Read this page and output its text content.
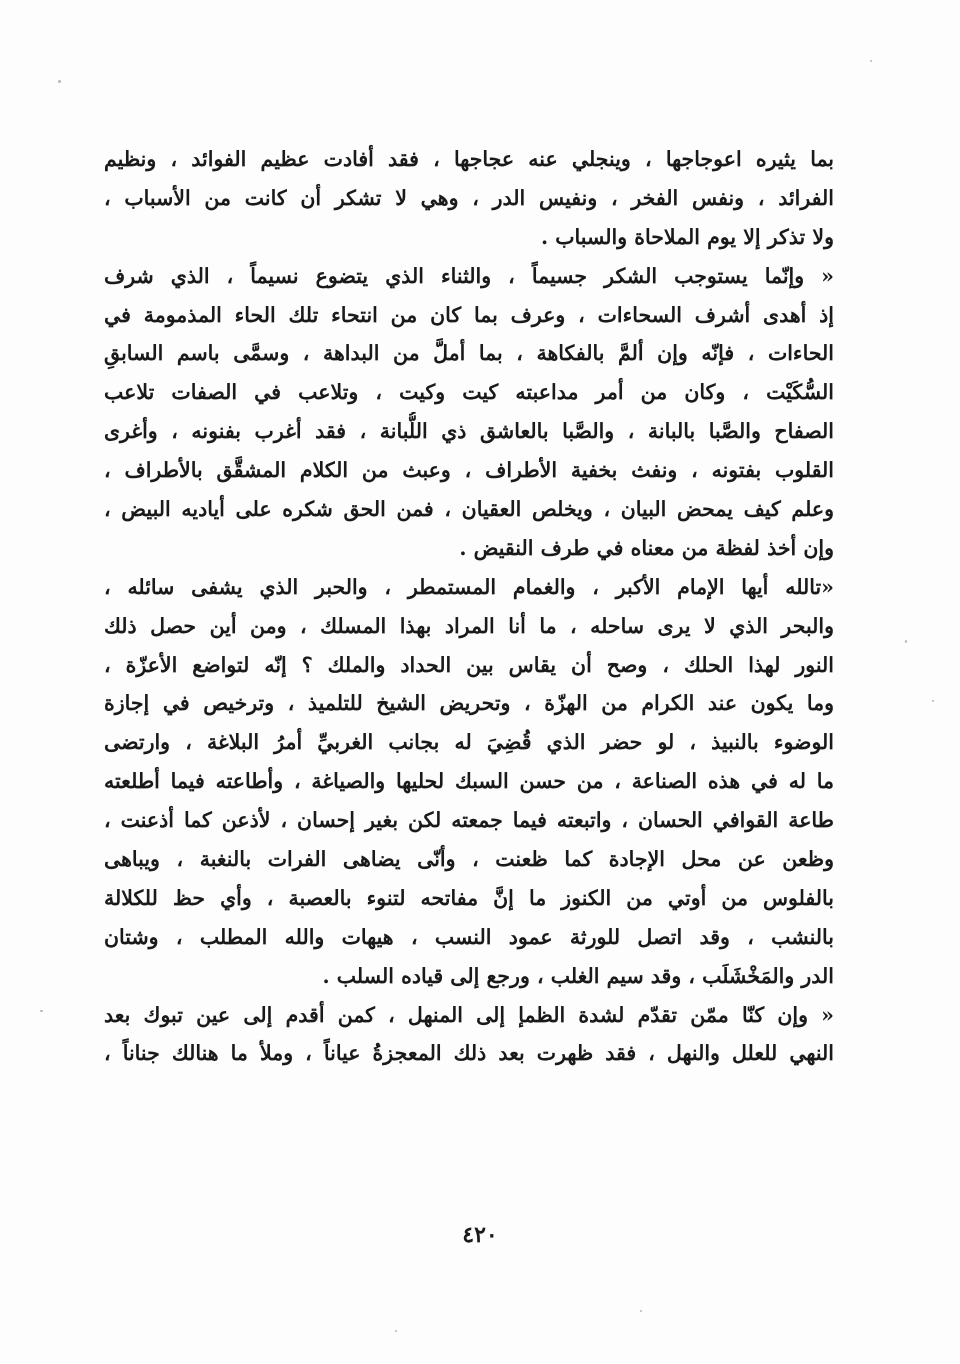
بما يثيره اعوجاجها ، وينجلي عنه عجاجها ، فقد أفادت عظيم الفوائد ، ونظيم
الفرائد ، ونفس الفخر ، ونفيس الدر ، وهي لا تشكر أن كانت من الأسباب ،
ولا تذكر إلا يوم الملاحاة والسباب .
« وإنّما يستوجب الشكر جسيماً ، والثناء الذي يتضوع نسيماً ، الذي شرف
إذ أهدى أشرف السحاءات ، وعرف بما كان من انتحاء تلك الحاء المذمومة في
الحاءات ، فإنّه وإن ألمَّ بالفكاهة ، بما أملَّ من البداهة ، وسمَّى باسم السابقِ
السُّكَيْت ، وكان من أمر مداعبته كيت وكيت ، وتلاعب في الصفات تلاعب
الصفاح والصَّبا بالبانة ، والصَّبا بالعاشق ذي اللُّبانة ، فقد أغرب بفنونه ، وأغرى
القلوب بفتونه ، ونفث بخفية الأطراف ، وعبث من الكلام المشقَّق بالأطراف ،
وعلم كيف يمحض البيان ، ويخلص العقيان ، فمن الحق شكره على أياديه البيض ،
وإن أخذ لفظة من معناه في طرف النقيض .
«تالله أيها الإمام الأكبر ، والغمام المستمطر ، والحبر الذي يشفى سائله ،
والبحر الذي لا يرى ساحله ، ما أنا المراد بهذا المسلك ، ومن أين حصل ذلك
النور لهذا الحلك ، وصح أن يقاس بين الحداد والملك ؟ إنّه لتواضع الأعزّة ،
وما يكون عند الكرام من الهزّة ، وتحريض الشيخ للتلميذ ، وترخيص في إجازة
الوضوء بالنبيذ ، لو حضر الذي قُضِيَ له بجانب الغربيِّ أمرُ البلاغة ، وارتضى
ما له في هذه الصناعة ، من حسن السبك لحليها والصياغة ، وأطاعته فيما أطلعته
طاعة القوافي الحسان ، واتبعته فيما جمعته لكن بغير إحسان ، لأذعن كما أذعنت ،
وظعن عن محل الإجادة كما ظعنت ، وأنّى يضاهى الفرات بالنغبة ، ويباهى
بالفلوس من أوتي من الكنوز ما إنَّ مفاتحه لتنوء بالعصبة ، وأي حظ للكلالة
بالنشب ، وقد اتصل للورثة عمود النسب ، هيهات والله المطلب ، وشتان
الدر والمَخْشَلَب ، وقد سيم الغلب ، ورجع إلى قياده السلب .
« وإن كنّا ممّن تقدّم لشدة الظمإ إلى المنهل ، كمن أقدم إلى عين تبوك بعد
النهي للعلل والنهل ، فقد ظهرت بعد ذلك المعجزةُ عياناً ، وملأ ما هنالك جناناً ،
٤٢٠
